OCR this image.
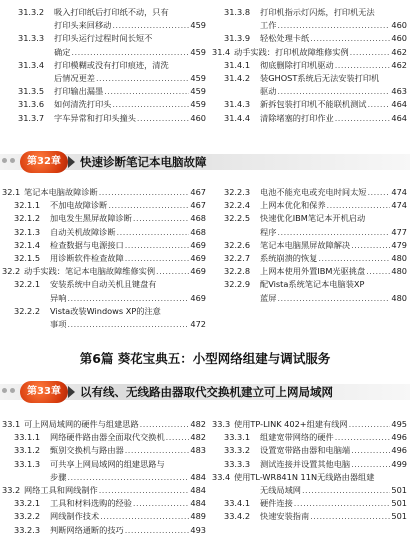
31.3.2	吸入打印纸后打印纸不动，只有
打印头来回移动 .....	459
31.3.3	打印头运行过程时间长短不
确定 .....	459
31.3.4	打印模糊或没有打印痕迹，清洗
后情况更差 .....	459
31.3.5	打印输出漏墨 .....	459
31.3.6	如何清洗打印头 .....	459
31.3.7	字车异常和打印头撞头 .....	460
31.3.8	打印机指示灯闪烁，打印机无法
工作 .....	460
31.3.9	轻松处理卡纸 .....	460
31.4 动手实践：打印机故障维修实例 .....	462
31.4.1	彻底删除打印机驱动 .....	462
31.4.2	装GHOST系统后无法安装打印机
驱动 .....	463
31.4.3	新拆包装打印机不能联机测试 .....	464
31.4.4	清除堵塞的打印作业 .....	464
第32章	快速诊断笔记本电脑故障
32.1 笔记本电脑故障诊断 .....	467
32.1.1	不加电故障诊断 .....	467
32.1.2	加电发生黑屏故障诊断 .....	468
32.1.3	自动关机故障诊断 .....	468
32.1.4	检查数据与电源接口 .....	469
32.1.5	用诊断软件检查故障 .....	469
32.2 动手实践：笔记本电脑故障维修实例 .....	469
32.2.1	安装系统中自动关机且键盘有
异响 .....	469
32.2.2	Vista改装Windows XP的注意
事项 .....	472
32.2.3	电池不能充电或充电时间太短 .....	474
32.2.4	上网本优化和保养 .....	474
32.2.5	快速优化IBM笔记本开机启动
程序 .....	477
32.2.6	笔记本电脑黑屏故障解决 .....	479
32.2.7	系统崩溃的恢复 .....	480
32.2.8	上网本使用外置IBM光驱挑盘 .....	480
32.2.9	配Vista系统笔记本电脑装XP
蓝屏 .....	480
第6篇 葵花宝典五：小型网络组建与调试服务
第33章	以有线、无线路由器取代交换机建立可上网局域网
33.1 可上网局域网的硬件与组建思路 .....	482
33.1.1	网络硬件路由器全面取代交换机 .....	482
33.1.2	甄别交换机与路由器 .....	483
33.1.3	可共享上网局域网的组建思路与
步骤 .....	484
33.2 网络工具和网线制作 .....	484
33.2.1	工具和材料选购的经验 .....	484
33.2.2	网线制作技术 .....	489
33.2.3	判断网络通断的技巧 .....	493
33.3 使用TP-LINK 402+组建有线网 .....	495
33.3.1	组建宽带网络的硬件 .....	496
33.3.2	设置宽带路由器和电脑端 .....	496
33.3.3	测试连接并设置其他电脑 .....	499
33.4 使用TL-WR841N 11N无线路由器组建
无线局域网 .....	501
33.4.1	硬件连接 .....	501
33.4.2	快速安装指南 .....	501
